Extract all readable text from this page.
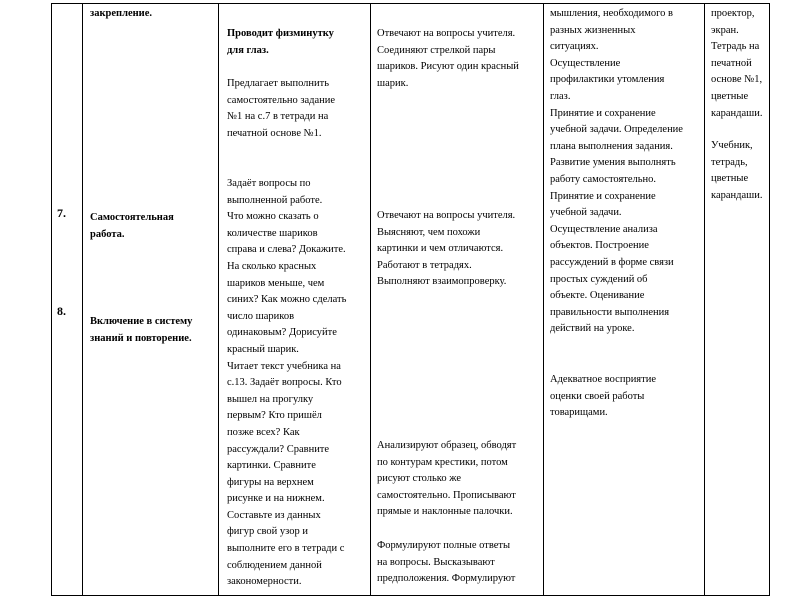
7.
8.
закрепление.
Самостоятельная
работа.
Включение в систему
знаний и повторение.
Проводит физминутку
для глаз.
Предлагает выполнить
самостоятельно задание
№1 на с.7 в тетради на
печатной основе №1.
Задаёт вопросы по
выполненной работе.
Что можно сказать о
количестве шариков
справа и слева? Докажите.
На сколько красных
шариков меньше, чем
синих? Как можно сделать
число шариков
одинаковым? Дорисуйте
красный шарик.
Читает текст учебника на
с.13. Задаёт вопросы. Кто
вышел на прогулку
первым? Кто пришёл
позже всех? Как
рассуждали? Сравните
картинки. Сравните
фигуры на верхнем
рисунке и на нижнем.
Составьте из данных
фигур свой узор и
выполните его в тетради с
соблюдением данной
закономерности.
Отвечают на вопросы учителя.
Соединяют стрелкой пары
шариков. Рисуют один красный
шарик.
Отвечают на вопросы учителя.
Выясняют, чем похожи
картинки и чем отличаются.
Работают в тетрадях.
Выполняют взаимопроверку.
Анализируют образец, обводят
по контурам крестики, потом
рисуют столько же
самостоятельно. Прописывают
прямые и наклонные палочки.
Формулируют полные ответы
на вопросы. Высказывают
предположения. Формулируют
мышления, необходимого в
разных жизненных
ситуациях.
Осуществление
профилактики утомления
глаз.
Принятие и сохранение
учебной задачи. Определение
плана выполнения задания.
Развитие умения выполнять
работу самостоятельно.
Принятие и сохранение
учебной задачи.
Осуществление анализа
объектов. Построение
рассуждений в форме связи
простых суждений об
объекте. Оценивание
правильности выполнения
действий на уроке.
Адекватное восприятие
оценки своей работы
товарищами.
проектор,
экран.
Тетрадь на
печатной
основе №1,
цветные
карандаши.
Учебник,
тетрадь,
цветные
карандаши.
